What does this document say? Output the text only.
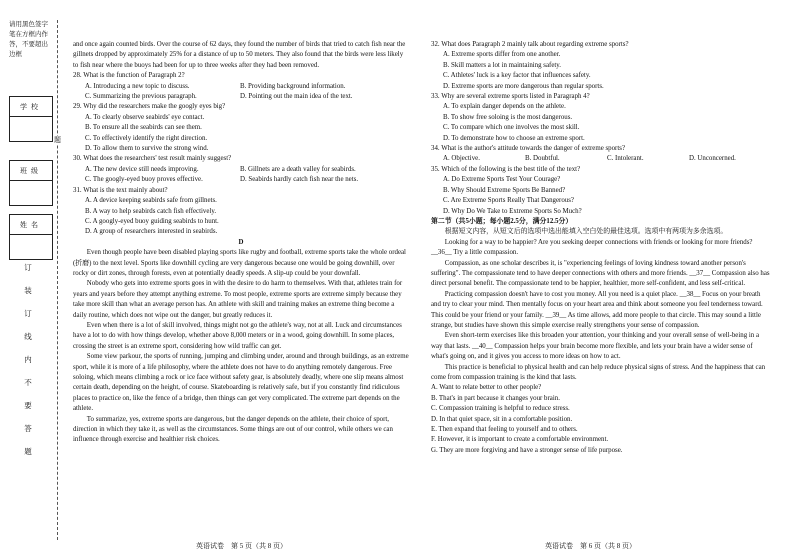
请用黑色签字笔在方框内作答，不要超出边框
学校
班级
姓名
题
订
装
订
线
内
不
要
答
题

and once again counted birds. Over the course of 62 days, they found the number of birds that tried to catch fish near the gillnets dropped by approximately 25% for a distance of up to 50 meters. They also found that the birds were less likely to fish near where the buoys had been for up to three weeks after they had been removed.

28. What is the function of Paragraph 2?

A. Introducing a new topic to discuss.	B. Providing background information.
C. Summarizing the previous paragraph.	D. Pointing out the main idea of the text.

29. Why did the researchers make the googly eyes big?

A. To clearly observe seabirds' eye contact.

B. To ensure all the seabirds can see them.

C. To effectively identify the right direction.

D. To allow them to survive the strong wind.

30. What does the researchers' test result mainly suggest?

A. The new device still needs improving.	B. Gillnets are a death valley for seabirds.
C. The googly-eyed buoy proves effective.	D. Seabirds hardly catch fish near the nets.

31. What is the text mainly about?

A. A device keeping seabirds safe from gillnets.

B. A way to help seabirds catch fish effectively.

C. A googly-eyed buoy guiding seabirds to hunt.

D. A group of researchers interested in seabirds.

D

Even though people have been disabled playing sports like rugby and football, extreme sports take the whole ordeal (折磨) to the next level. Sports like downhill cycling are very dangerous because one would be going downhill, over rocky or dirt zones, through forests, even at potentially deadly speeds. A slip-up could be your downfall.

Nobody who gets into extreme sports goes in with the desire to do harm to themselves. With that, athletes train for years and years before they attempt anything extreme. To most people, extreme sports are extreme simply because they take more skill than what an average person has. An athlete with skill and training makes an extreme thing become a daily routine, which does not wipe out the danger, but greatly reduces it.

Even when there is a lot of skill involved, things might not go the athlete's way, not at all. Luck and circumstances have a lot to do with how things develop, whether above 8,000 meters or in a wood, going downhill. In some places, crossing the street is an extreme sport, considering how wild traffic can get.

Some view parkour, the sports of running, jumping and climbing under, around and through buildings, as an extreme sport, while it is more of a life philosophy, where the athlete does not have to do anything remotely dangerous. Free soloing, which means climbing a rock or ice face without safety gear, is absolutely deadly, where one slip means almost certain death, depending on the height, of course. Skateboarding is relatively safe, but if you constantly find ridiculous places to practice on, like the fence of a bridge, then things can get very complicated. The extreme part depends on the athlete.

To summarize, yes, extreme sports are dangerous, but the danger depends on the athlete, their choice of sport, direction in which they take it, as well as the circumstances. Some things are out of our control, while others we can influence through exercise and healthier risk choices.

32. What does Paragraph 2 mainly talk about regarding extreme sports?

A. Extreme sports differ from one another.

B. Skill matters a lot in maintaining safety.

C. Athletes' luck is a key factor that influences safety.

D. Extreme sports are more dangerous than regular sports.

33. Why are several extreme sports listed in Paragraph 4?

A. To explain danger depends on the athlete.

B. To show free soloing is the most dangerous.

C. To compare which one involves the most skill.

D. To demonstrate how to choose an extreme sport.

34. What is the author's attitude towards the danger of extreme sports?

A. Objective.	B. Doubtful.	C. Intolerant.	D. Unconcerned.

35. Which of the following is the best title of the text?

A. Do Extreme Sports Test Your Courage?

B. Why Should Extreme Sports Be Banned?

C. Are Extreme Sports Really That Dangerous?

D. Why Do We Take to Extreme Sports So Much?

第二节（共5小题；每小题2.5分，满分12.5分）

根据短文内容，从短文后的选项中选出能填入空白处的最佳选项。选项中有两项为多余选项。

Looking for a way to be happier? Are you seeking deeper connections with friends or looking for more friends? __36__ Try a little compassion.

Compassion, as one scholar describes it, is "experiencing feelings of loving kindness toward another person's suffering". The compassionate tend to have deeper connections with others and more friends. __37__ Compassion also has direct personal benefit. The compassionate tend to be happier, healthier, more self-confident, and less self-critical.

Practicing compassion doesn't have to cost you money. All you need is a quiet place. __38__ Focus on your breath and try to clear your mind. Then mentally focus on your heart area and think about someone you feel tenderness toward. This could be your friend or your family. __39__ As time allows, add more people to that circle. This may sound a little strange, but studies have shown this simple exercise really strengthens your sense of compassion.

Even short-term exercises like this broaden your attention, your thinking and your overall sense of well-being in a way that lasts. __40__ Compassion helps your brain become more flexible, and lets your brain have a wider sense of what's going on, and it gives you access to more ideas on how to act.

This practice is beneficial to physical health and can help reduce physical signs of stress. And the happiness that can come from compassion training is the kind that lasts.

A. Want to relate better to other people?

B. That's in part because it changes your brain.

C. Compassion training is helpful to reduce stress.

D. In that quiet space, sit in a comfortable position.

E. Then expand that feeling to yourself and to others.

F. However, it is important to create a comfortable environment.

G. They are more forgiving and have a stronger sense of life purpose.

英语试卷　第 5 页（共 8 页）	英语试卷　第 6 页（共 8 页）
